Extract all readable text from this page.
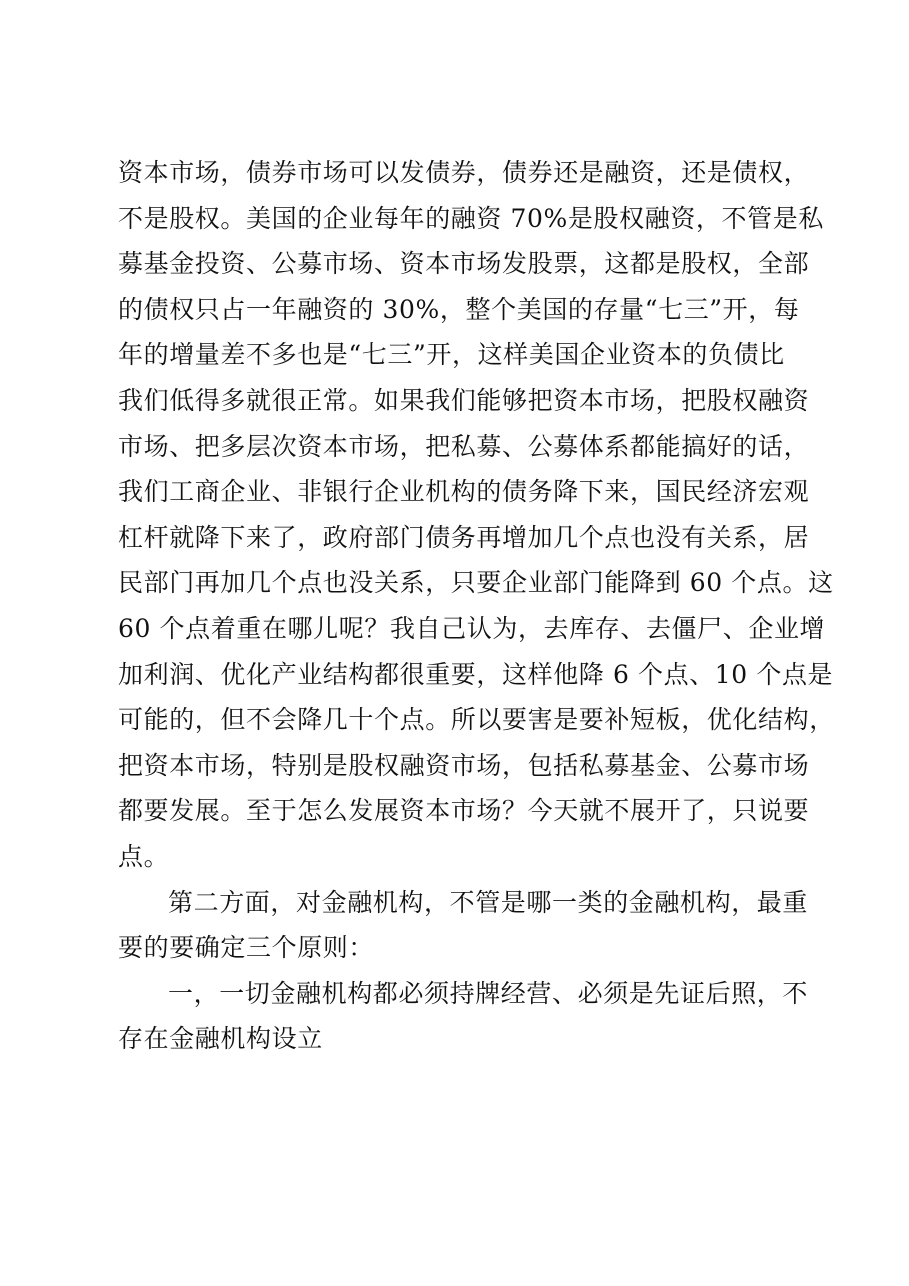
资本市场，债券市场可以发债券，债券还是融资，还是债权，
不是股权。美国的企业每年的融资 70%是股权融资，不管是私
募基金投资、公募市场、资本市场发股票，这都是股权，全部
的债权只占一年融资的 30%，整个美国的存量“七三”开，每
年的增量差不多也是“七三”开，这样美国企业资本的负债比
我们低得多就很正常。如果我们能够把资本市场，把股权融资
市场、把多层次资本市场，把私募、公募体系都能搞好的话，
我们工商企业、非银行企业机构的债务降下来，国民经济宏观
杠杆就降下来了，政府部门债务再增加几个点也没有关系，居
民部门再加几个点也没关系，只要企业部门能降到 60 个点。这
60 个点着重在哪儿呢？我自己认为，去库存、去僵尸、企业增
加利润、优化产业结构都很重要，这样他降 6 个点、10 个点是
可能的，但不会降几十个点。所以要害是要补短板，优化结构，
把资本市场，特别是股权融资市场，包括私募基金、公募市场
都要发展。至于怎么发展资本市场？今天就不展开了，只说要
点。
第二方面，对金融机构，不管是哪一类的金融机构，最重
要的要确定三个原则：
一，一切金融机构都必须持牌经营、必须是先证后照，不
存在金融机构设立
